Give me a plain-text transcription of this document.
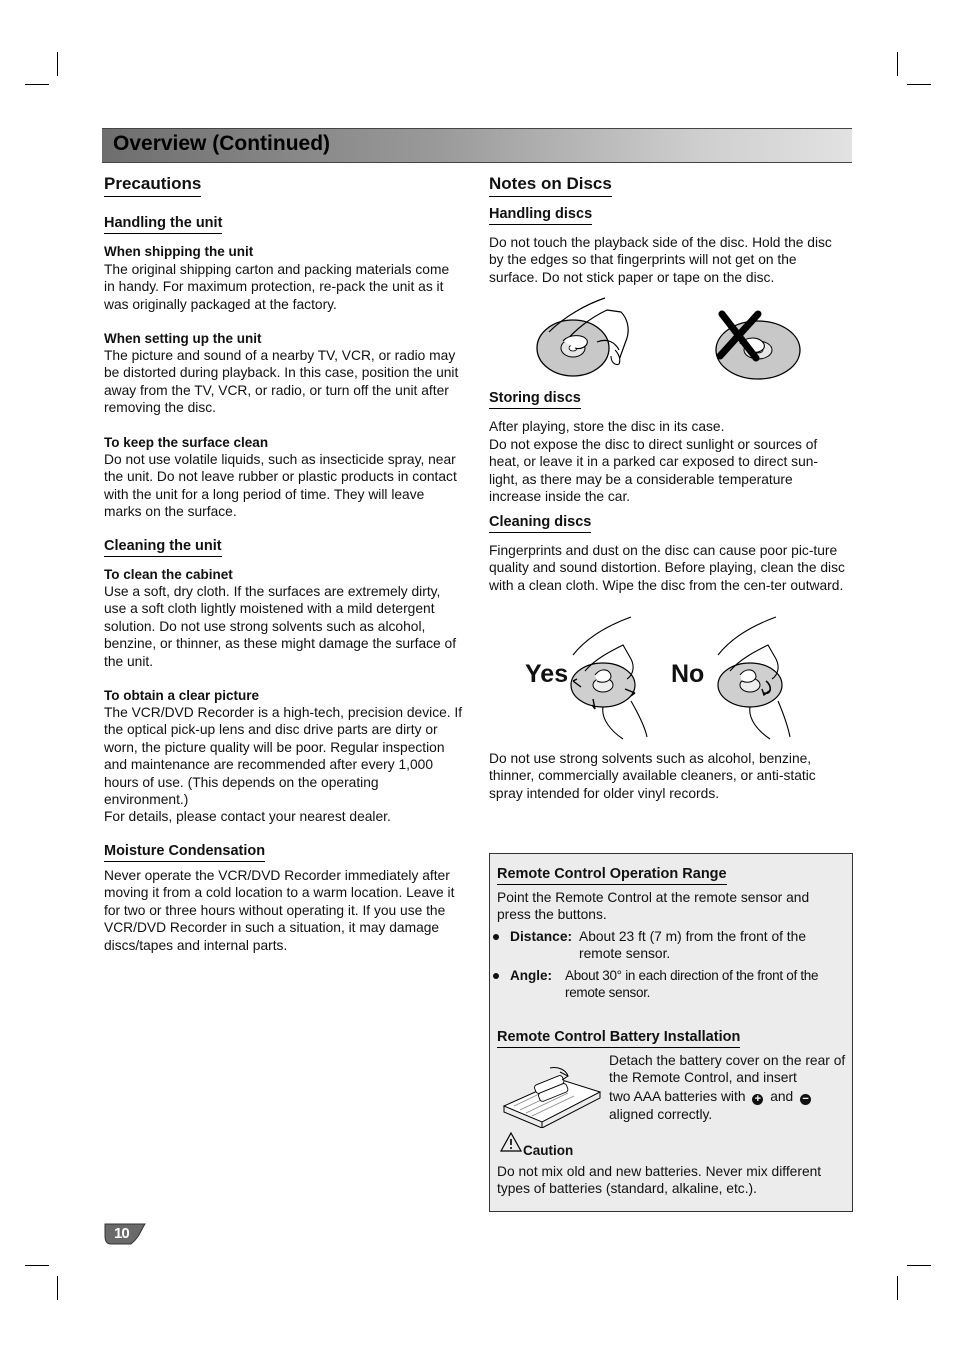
Overview (Continued)
Precautions
Handling the unit
When shipping the unit
The original shipping carton and packing materials come in handy. For maximum protection, re-pack the unit as it was originally packaged at the factory.
When setting up the unit
The picture and sound of a nearby TV, VCR, or radio may be distorted during playback. In this case, position the unit away from the TV, VCR, or radio, or turn off the unit after removing the disc.
To keep the surface clean
Do not use volatile liquids, such as insecticide spray, near the unit. Do not leave rubber or plastic products in contact with the unit for a long period of time. They will leave marks on the surface.
Cleaning the unit
To clean the cabinet
Use a soft, dry cloth. If the surfaces are extremely dirty, use a soft cloth lightly moistened with a mild detergent solution. Do not use strong solvents such as alcohol, benzine, or thinner, as these might damage the surface of the unit.
To obtain a clear picture
The VCR/DVD Recorder is a high-tech, precision device. If the optical pick-up lens and disc drive parts are dirty or worn, the picture quality will be poor. Regular inspection and maintenance are recommended after every 1,000 hours of use. (This depends on the operating environment.)
For details, please contact your nearest dealer.
Moisture Condensation
Never operate the VCR/DVD Recorder immediately after moving it from a cold location to a warm location. Leave it for two or three hours without operating it. If you use the VCR/DVD Recorder in such a situation, it may damage discs/tapes and internal parts.
Notes on Discs
Handling discs
Do not touch the playback side of the disc. Hold the disc by the edges so that fingerprints will not get on the surface. Do not stick paper or tape on the disc.
Storing discs
After playing, store the disc in its case.
Do not expose the disc to direct sunlight or sources of heat, or leave it in a parked car exposed to direct sun-light, as there may be a considerable temperature increase inside the car.
Cleaning discs
Fingerprints and dust on the disc can cause poor pic-ture quality and sound distortion. Before playing, clean the disc with a clean cloth. Wipe the disc from the cen-ter outward.
Yes	No
Do not use strong solvents such as alcohol, benzine, thinner, commercially available cleaners, or anti-static spray intended for older vinyl records.
Remote Control Operation Range
Point the Remote Control at the remote sensor and press the buttons.
Distance: About 23 ft (7 m) from the front of the remote sensor.
Angle: About 30° in each direction of the front of the remote sensor.
Remote Control Battery Installation
Detach the battery cover on the rear of the Remote Control, and insert
two AAA batteries with + and −
aligned correctly.
Caution
Do not mix old and new batteries. Never mix different types of batteries (standard, alkaline, etc.).
10
